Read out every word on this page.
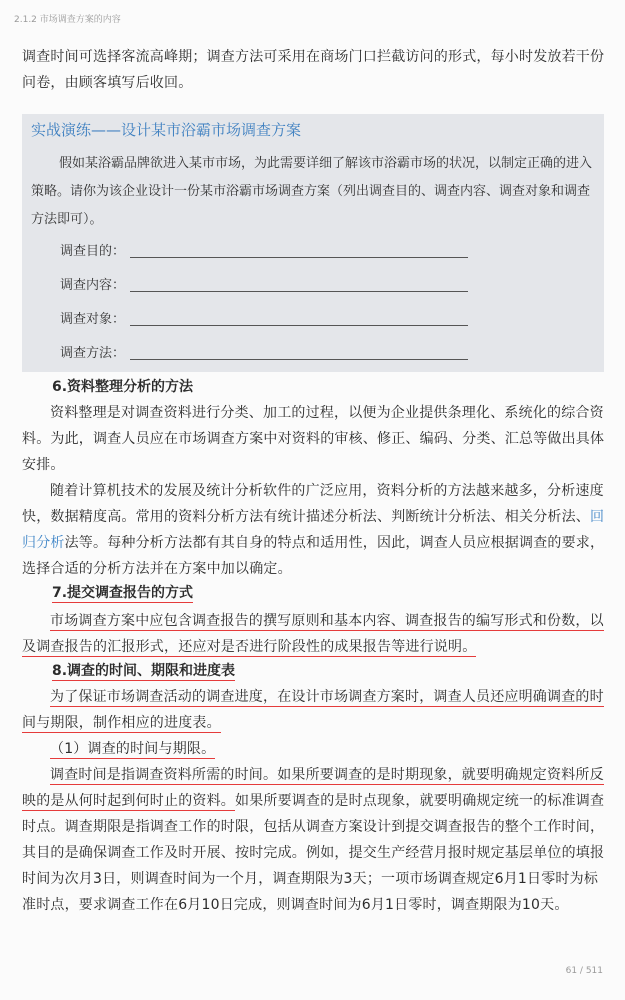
2.1.2 市场调查方案的内容

调查时间可选择客流高峰期；调查方法可采用在商场门口拦截访问的形式，每小时发放若干份问卷，由顾客填写后收回。

实战演练——设计某市浴霸市场调查方案
假如某浴霸品牌欲进入某市市场，为此需要详细了解该市浴霸市场的状况，以制定正确的进入策略。请你为该企业设计一份某市浴霸市场调查方案（列出调查目的、调查内容、调查对象和调查方法即可）。
调查目的：
调查内容：
调查对象：
调查方法：
6.资料整理分析的方法

资料整理是对调查资料进行分类、加工的过程，以便为企业提供条理化、系统化的综合资料。为此，调查人员应在市场调查方案中对资料的审核、修正、编码、分类、汇总等做出具体安排。

随着计算机技术的发展及统计分析软件的广泛应用，资料分析的方法越来越多，分析速度快，数据精度高。常用的资料分析方法有统计描述分析法、判断统计分析法、相关分析法、回归分析法等。每种分析方法都有其自身的特点和适用性，因此，调查人员应根据调查的要求，选择合适的分析方法并在方案中加以确定。

7.提交调查报告的方式

市场调查方案中应包含调查报告的撰写原则和基本内容、调查报告的编写形式和份数，以及调查报告的汇报形式，还应对是否进行阶段性的成果报告等进行说明。

8.调查的时间、期限和进度表

为了保证市场调查活动的调查进度，在设计市场调查方案时，调查人员还应明确调查的时间与期限，制作相应的进度表。

（1）调查的时间与期限。

调查时间是指调查资料所需的时间。如果所要调查的是时期现象，就要明确规定资料所反映的是从何时起到何时止的资料。如果所要调查的是时点现象，就要明确规定统一的标准调查时点。调查期限是指调查工作的时限，包括从调查方案设计到提交调查报告的整个工作时间，其目的是确保调查工作及时开展、按时完成。例如，提交生产经营月报时规定基层单位的填报时间为次月3日，则调查时间为一个月，调查期限为3天；一项市场调查规定6月1日零时为标准时点，要求调查工作在6月10日完成，则调查时间为6月1日零时，调查期限为10天。

61 / 511
